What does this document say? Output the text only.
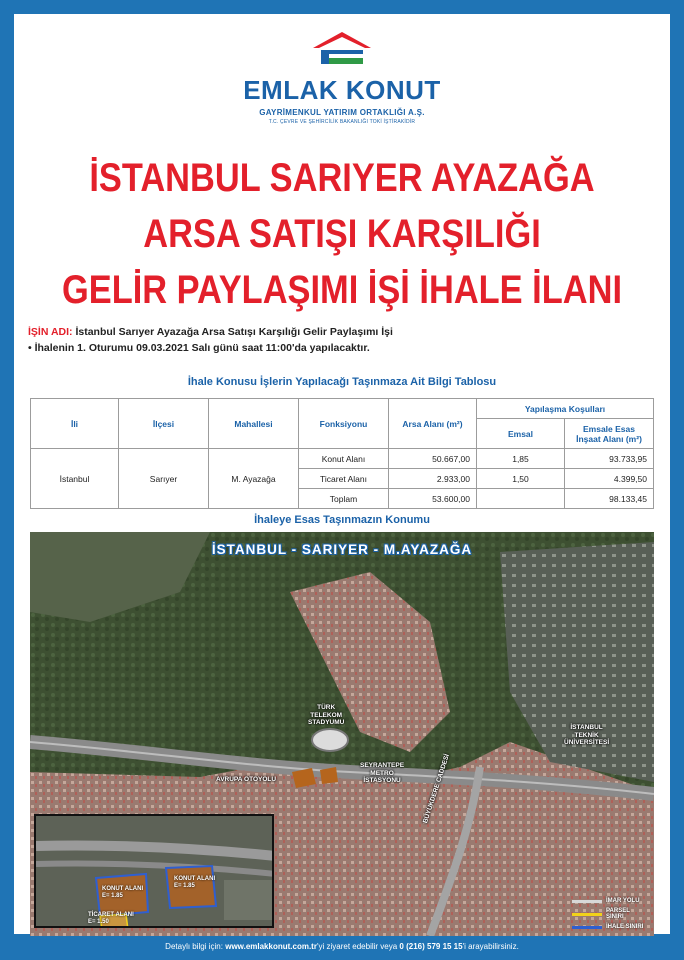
EMLAK KONUT
GAYRİMENKUL YATIRIM ORTAKLIĞI A.Ş.
T.C. ÇEVRE VE ŞEHİRCİLİK BAKANLIĞI TOKİ İŞTİRAKİDİR
İSTANBUL SARIYER AYAZAĞA
ARSA SATIŞI KARŞILIĞI
GELİR PAYLAŞIMI İŞİ İHALE İLANI
İŞİN ADI: İstanbul Sarıyer Ayazağa Arsa Satışı Karşılığı Gelir Paylaşımı İşi
• İhalenin 1. Oturumu 09.03.2021 Salı günü saat 11:00'da yapılacaktır.
İhale Konusu İşlerin Yapılacağı Taşınmaza Ait Bilgi Tablosu
İli	İlçesi	Mahallesi	Fonksiyonu	Arsa Alanı (m²)	Yapılaşma Koşulları	
					Emsal	Emsale Esas
İnşaat Alanı (m²)

İstanbul	Sarıyer	M. Ayazağa	Konut Alanı	50.667,00	1,85	93.733,95
			Ticaret Alanı	2.933,00	1,50	4.399,50
			Toplam	53.600,00		98.133,45
İhaleye Esas Taşınmazın Konumu
İSTANBUL - SARIYER - M.AYAZAĞA
TÜRK
TELEKOM
STADYUMU
AVRUPA OTOYOLU
SEYRANTEPE
METRO
İSTASYONU
İSTANBUL
TEKNİK
ÜNİVERSİTESİ
BÜYÜKDERE CADDESİ
KONUT ALANI
E= 1.85
KONUT ALANI
E= 1.85
TİCARET ALANI
E= 1.50
İMAR YOLU
PARSEL SINIRI
İHALE SINIRI
Detaylı bilgi için: www.emlakkonut.com.tr'yi ziyaret edebilir veya 0 (216) 579 15 15'i arayabilirsiniz.
